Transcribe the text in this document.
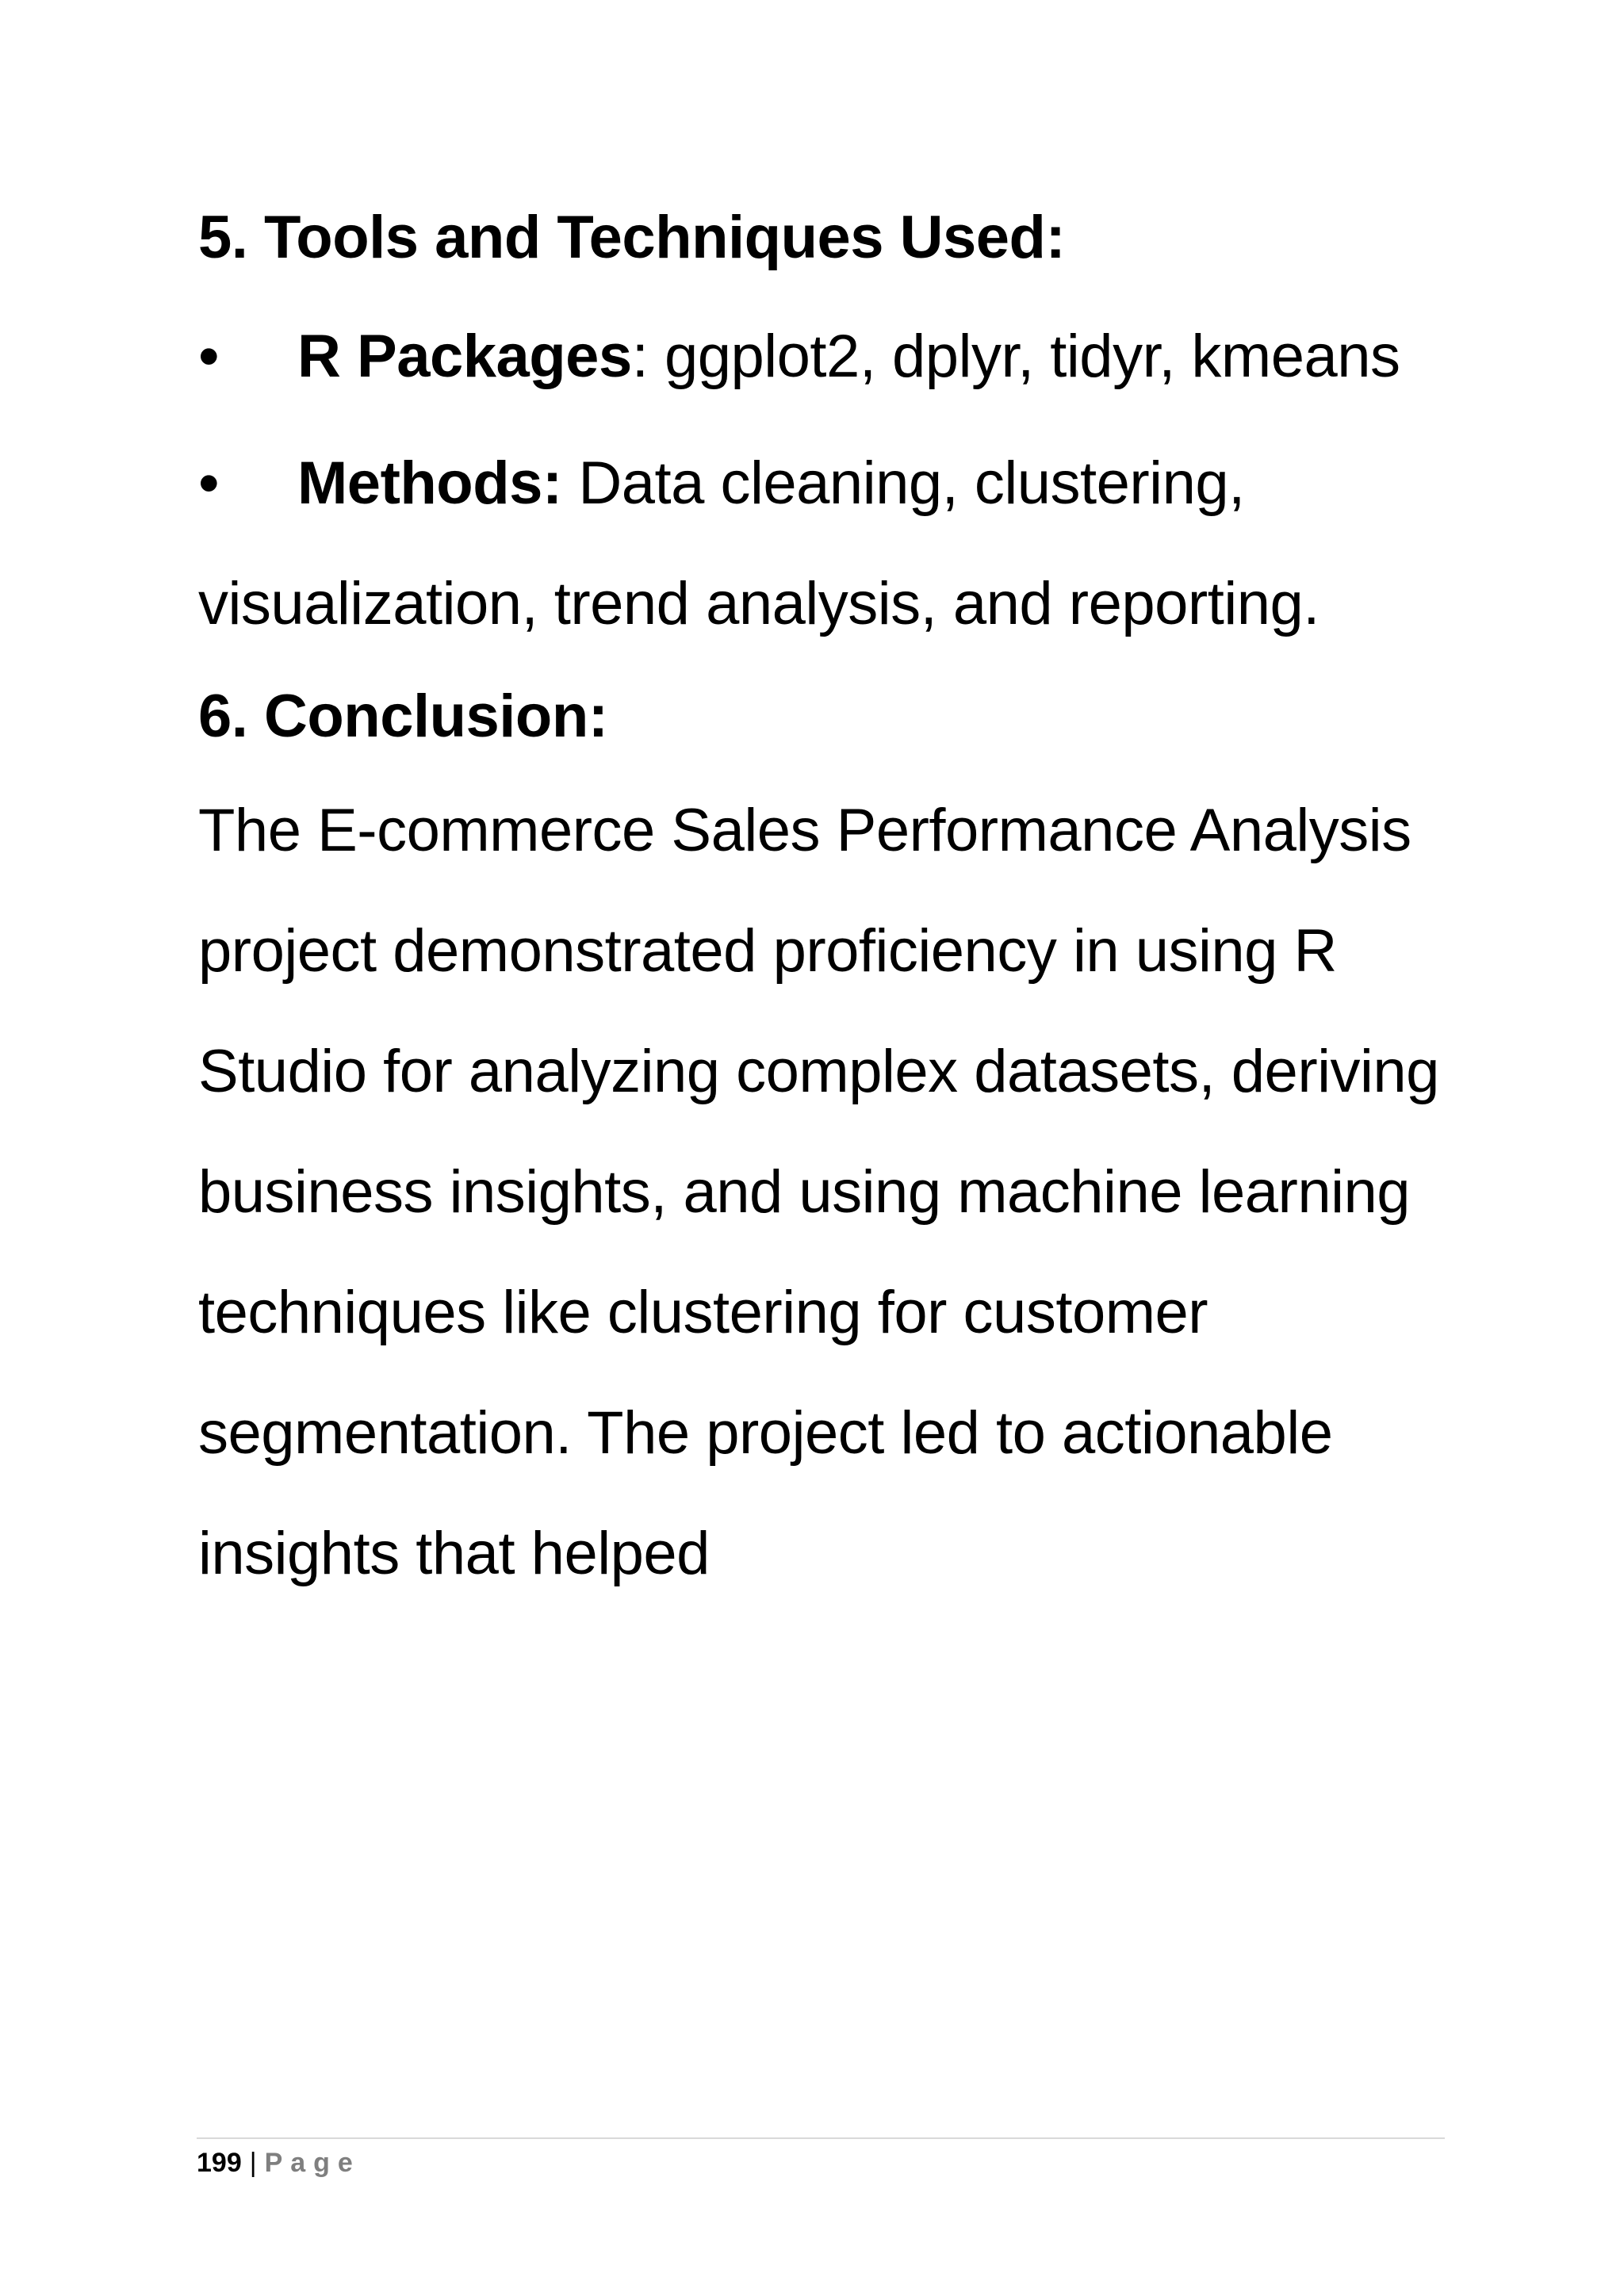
5. Tools and Techniques Used:

• R Packages: ggplot2, dplyr, tidyr, kmeans

• Methods: Data cleaning, clustering, visualization, trend analysis, and reporting.

6. Conclusion:

The E-commerce Sales Performance Analysis project demonstrated proficiency in using R Studio for analyzing complex datasets, deriving business insights, and using machine learning techniques like clustering for customer segmentation. The project led to actionable insights that helped

199 | Page
